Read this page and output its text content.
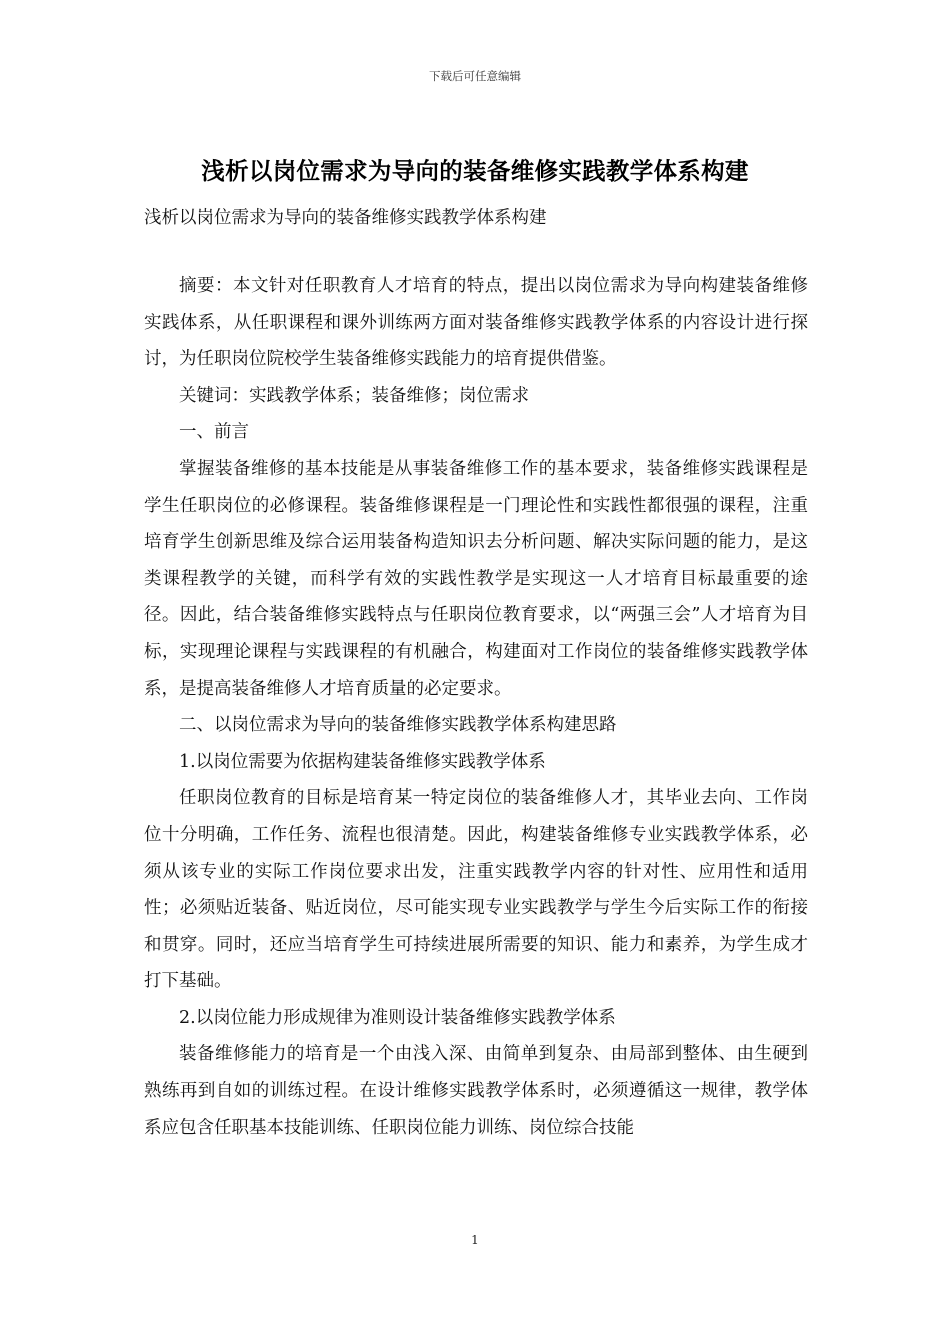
下载后可任意编辑
浅析以岗位需求为导向的装备维修实践教学体系构建
浅析以岗位需求为导向的装备维修实践教学体系构建

摘要：本文针对任职教育人才培育的特点，提出以岗位需求为导向构建装备维修实践体系，从任职课程和课外训练两方面对装备维修实践教学体系的内容设计进行探讨，为任职岗位院校学生装备维修实践能力的培育提供借鉴。

关键词：实践教学体系；装备维修；岗位需求

一、前言

掌握装备维修的基本技能是从事装备维修工作的基本要求，装备维修实践课程是学生任职岗位的必修课程。装备维修课程是一门理论性和实践性都很强的课程，注重培育学生创新思维及综合运用装备构造知识去分析问题、解决实际问题的能力，是这类课程教学的关键，而科学有效的实践性教学是实现这一人才培育目标最重要的途径。因此，结合装备维修实践特点与任职岗位教育要求，以“两强三会”人才培育为目标，实现理论课程与实践课程的有机融合，构建面对工作岗位的装备维修实践教学体系，是提高装备维修人才培育质量的必定要求。

二、以岗位需求为导向的装备维修实践教学体系构建思路

1.以岗位需要为依据构建装备维修实践教学体系

任职岗位教育的目标是培育某一特定岗位的装备维修人才，其毕业去向、工作岗位十分明确，工作任务、流程也很清楚。因此，构建装备维修专业实践教学体系，必须从该专业的实际工作岗位要求出发，注重实践教学内容的针对性、应用性和适用性；必须贴近装备、贴近岗位，尽可能实现专业实践教学与学生今后实际工作的衔接和贯穿。同时，还应当培育学生可持续进展所需要的知识、能力和素养，为学生成才打下基础。

2.以岗位能力形成规律为准则设计装备维修实践教学体系

装备维修能力的培育是一个由浅入深、由简单到复杂、由局部到整体、由生硬到熟练再到自如的训练过程。在设计维修实践教学体系时，必须遵循这一规律，教学体系应包含任职基本技能训练、任职岗位能力训练、岗位综合技能

1
